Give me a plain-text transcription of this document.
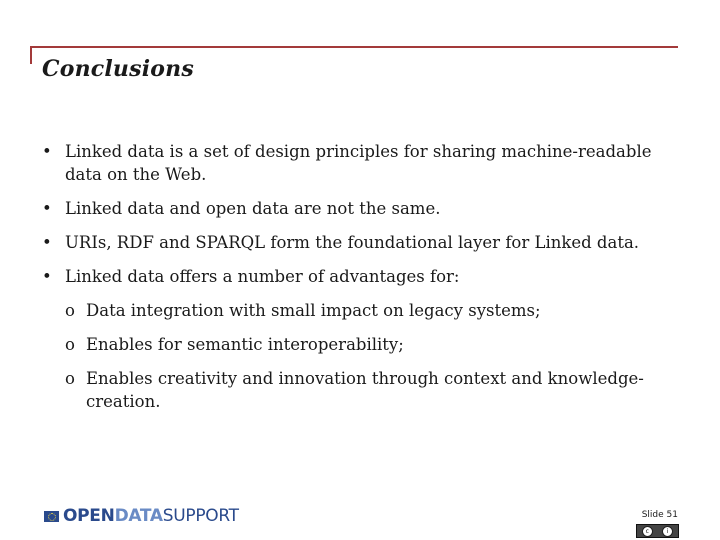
Conclusions
• Linked data is a set of design principles for sharing machine-readable data on the Web.
• Linked data and open data are not the same.
• URIs, RDF and SPARQL form the foundational layer for Linked data.
• Linked data offers a number of advantages for:
o Data integration with small impact on legacy systems;
o Enables for semantic interoperability;
o Enables creativity and innovation through context and knowledge-creation.
OPENDATASUPPORT	Slide 51
c	i
